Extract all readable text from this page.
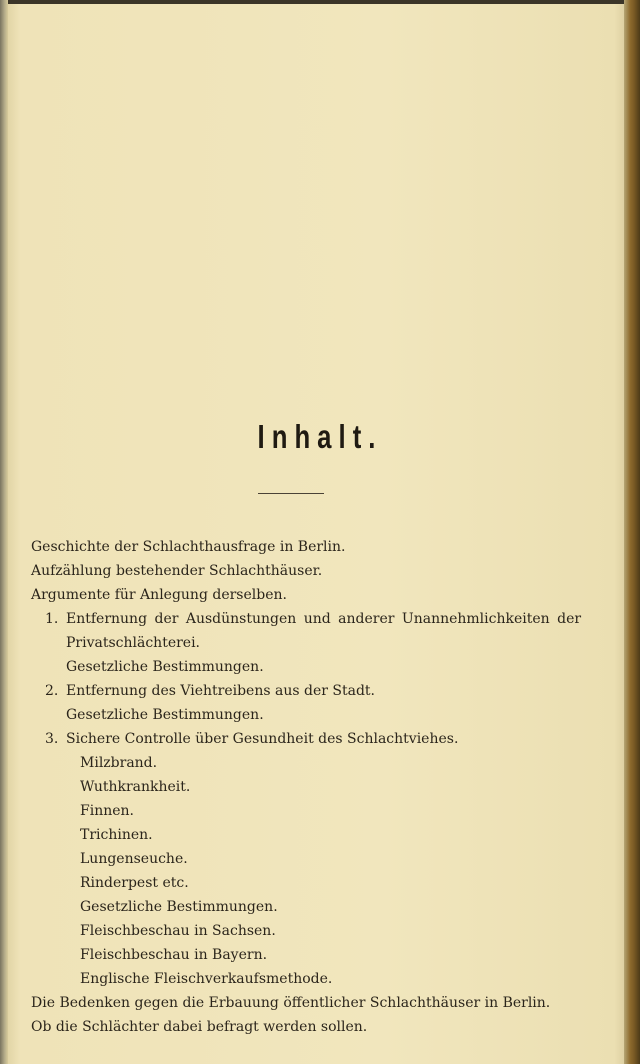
Inhalt.
Geschichte der Schlachthausfrage in Berlin.
Aufzählung bestehender Schlachthäuser.
Argumente für Anlegung derselben.
1. Entfernung der Ausdünstungen und anderer Unannehmlichkeiten der
Privatschlächterei.
Gesetzliche Bestimmungen.
2. Entfernung des Viehtreibens aus der Stadt.
Gesetzliche Bestimmungen.
3. Sichere Controlle über Gesundheit des Schlachtviehes.
Milzbrand.
Wuthkrankheit.
Finnen.
Trichinen.
Lungenseuche.
Rinderpest etc.
Gesetzliche Bestimmungen.
Fleischbeschau in Sachsen.
Fleischbeschau in Bayern.
Englische Fleischverkaufsmethode.
Die Bedenken gegen die Erbauung öffentlicher Schlachthäuser in Berlin.
Ob die Schlächter dabei befragt werden sollen.
